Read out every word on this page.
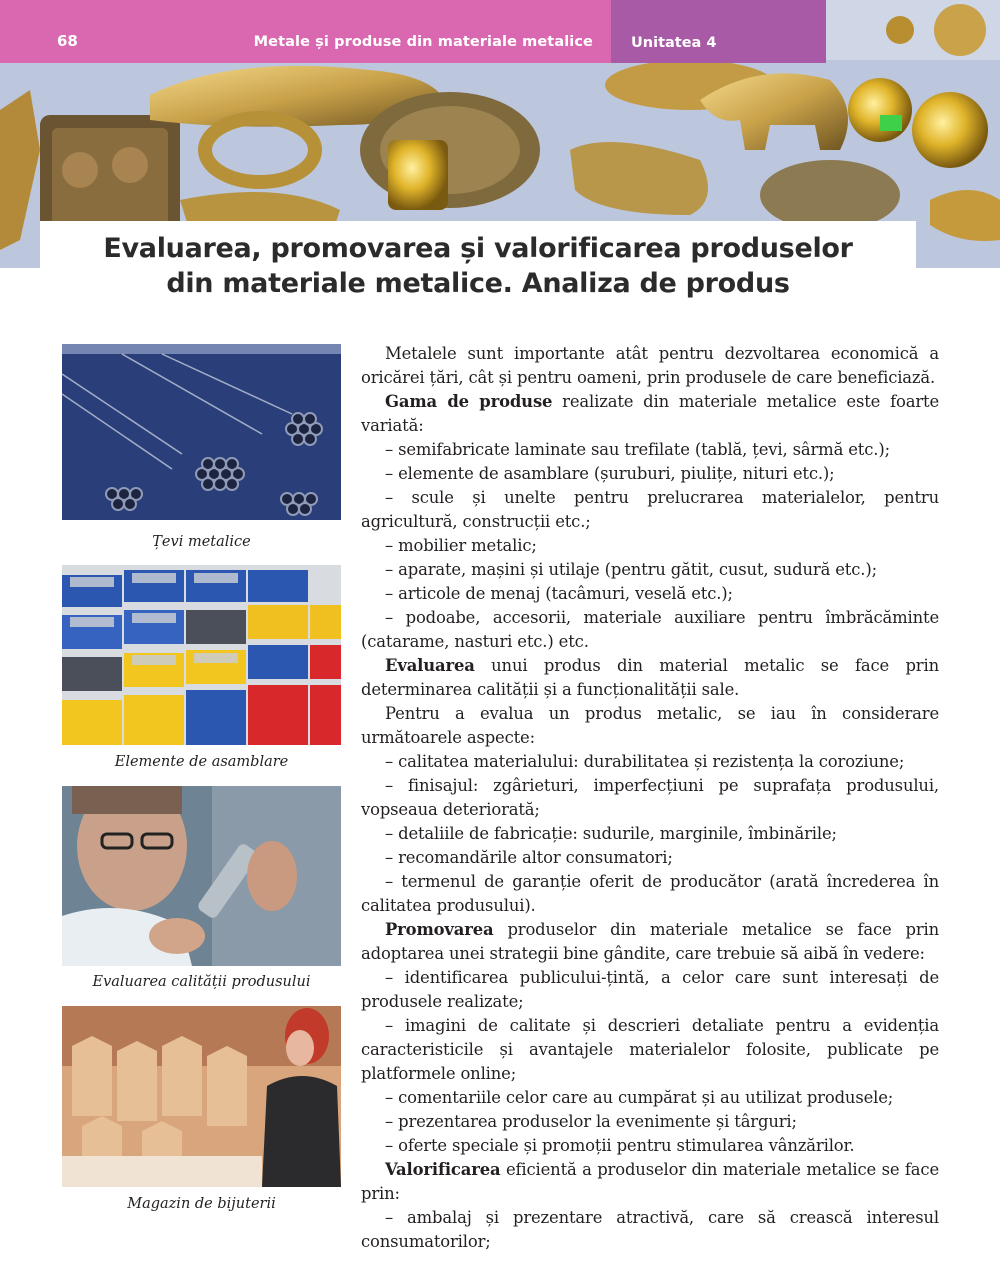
68	Metale și produse din materiale metalice	Unitatea 4
Evaluarea, promovarea și valorificarea produselor
din materiale metalice. Analiza de produs
Țevi metalice
Elemente de asamblare
Evaluarea calității produsului
Magazin de bijuterii

Metalele sunt importante atât pentru dezvoltarea economică a oricărei țări, cât și pentru oameni, prin produsele de care beneficiază.

Gama de produse realizate din materiale metalice este foarte variată:

– semifabricate laminate sau trefilate (tablă, țevi, sârmă etc.);

– elemente de asamblare (șuruburi, piulițe, nituri etc.);

– scule și unelte pentru prelucrarea materialelor, pentru agricultură, construcții etc.;

– mobilier metalic;

– aparate, mașini și utilaje (pentru gătit, cusut, sudură etc.);

– articole de menaj (tacâmuri, veselă etc.);

– podoabe, accesorii, materiale auxiliare pentru îmbrăcăminte (catarame, nasturi etc.) etc.

Evaluarea unui produs din material metalic se face prin determinarea calității și a funcționalității sale.

Pentru a evalua un produs metalic, se iau în considerare următoarele aspecte:

– calitatea materialului: durabilitatea și rezistența la coroziune;

– finisajul: zgârieturi, imperfecțiuni pe suprafața produsului, vopseaua deteriorată;

– detaliile de fabricație: sudurile, marginile, îmbinările;

– recomandările altor consumatori;

– termenul de garanție oferit de producător (arată încrederea în calitatea produsului).

Promovarea produselor din materiale metalice se face prin adoptarea unei strategii bine gândite, care trebuie să aibă în vedere:

– identificarea publicului-țintă, a celor care sunt interesați de produsele realizate;

– imagini de calitate și descrieri detaliate pentru a evidenția caracteristicile și avantajele materialelor folosite, publicate pe platformele online;

– comentariile celor care au cumpărat și au utilizat produsele;

– prezentarea produselor la evenimente și târguri;

– oferte speciale și promoții pentru stimularea vânzărilor.

Valorificarea eficientă a produselor din materiale metalice se face prin:

– ambalaj și prezentare atractivă, care să crească interesul consumatorilor;
